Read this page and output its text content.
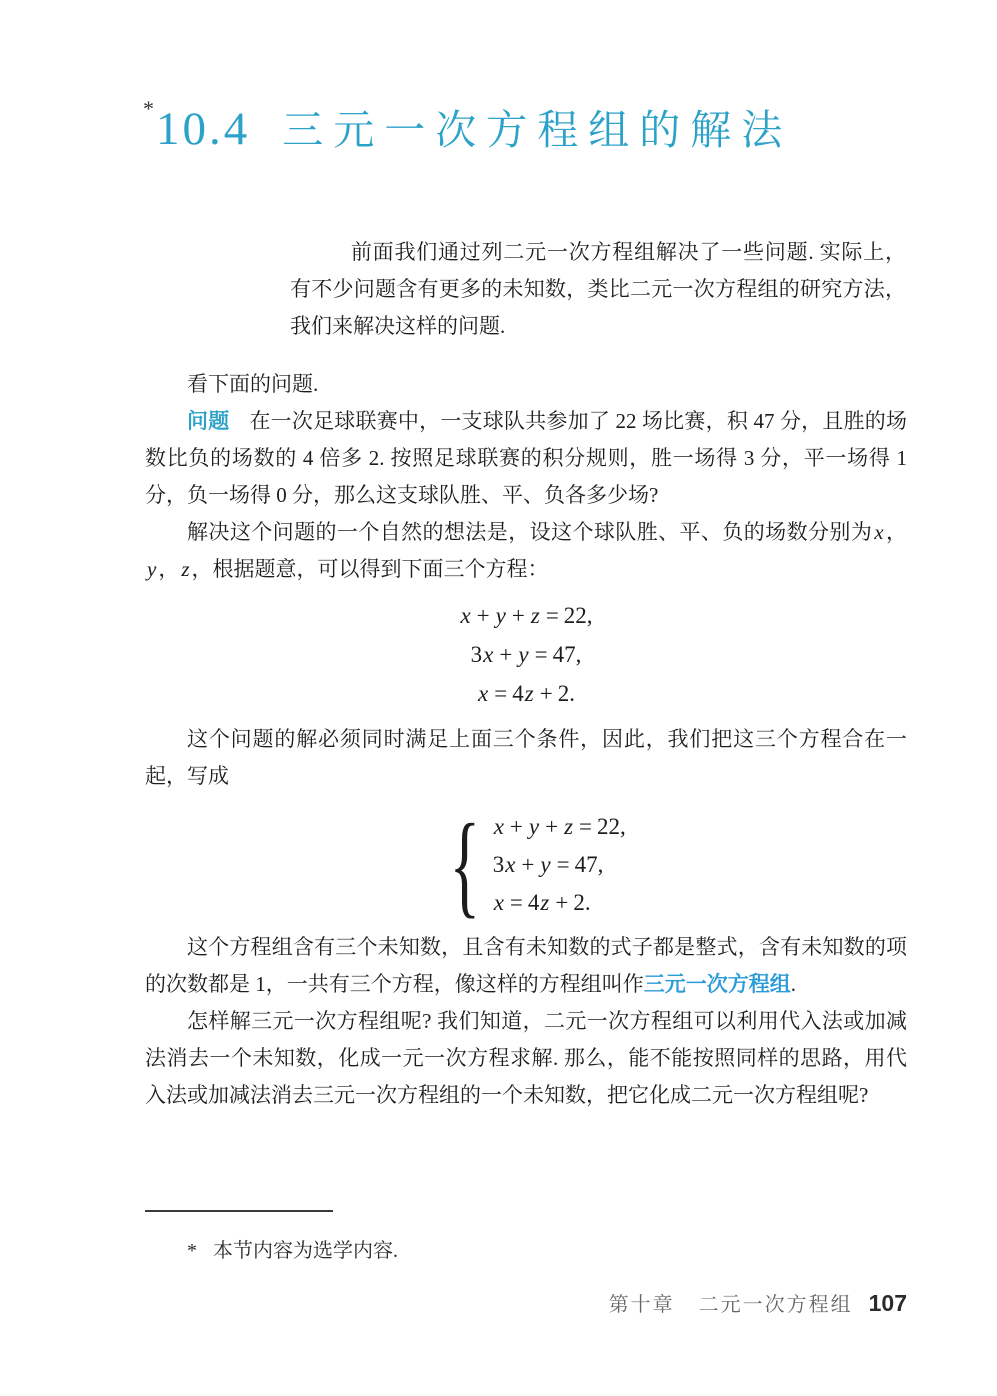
*10.4 三元一次方程组的解法

前面我们通过列二元一次方程组解决了一些问题. 实际上，有不少问题含有更多的未知数，类比二元一次方程组的研究方法，我们来解决这样的问题.

看下面的问题.

问题 在一次足球联赛中，一支球队共参加了 22 场比赛，积 47 分，且胜的场数比负的场数的 4 倍多 2. 按照足球联赛的积分规则，胜一场得 3 分，平一场得 1 分，负一场得 0 分，那么这支球队胜、平、负各多少场?

解决这个问题的一个自然的想法是，设这个球队胜、平、负的场数分别为x，y，z，根据题意，可以得到下面三个方程：

x + y + z = 22,
3x + y = 47,
x = 4z + 2.

这个问题的解必须同时满足上面三个条件，因此，我们把这三个方程合在一起，写成

{ x + y + z = 22,
3x + y = 47,
x = 4z + 2.

这个方程组含有三个未知数，且含有未知数的式子都是整式，含有未知数的项的次数都是 1，一共有三个方程，像这样的方程组叫作三元一次方程组.

怎样解三元一次方程组呢? 我们知道，二元一次方程组可以利用代入法或加减法消去一个未知数，化成一元一次方程求解. 那么，能不能按照同样的思路，用代入法或加减法消去三元一次方程组的一个未知数，把它化成二元一次方程组呢?

* 本节内容为选学内容.

第十章 二元一次方程组 107
